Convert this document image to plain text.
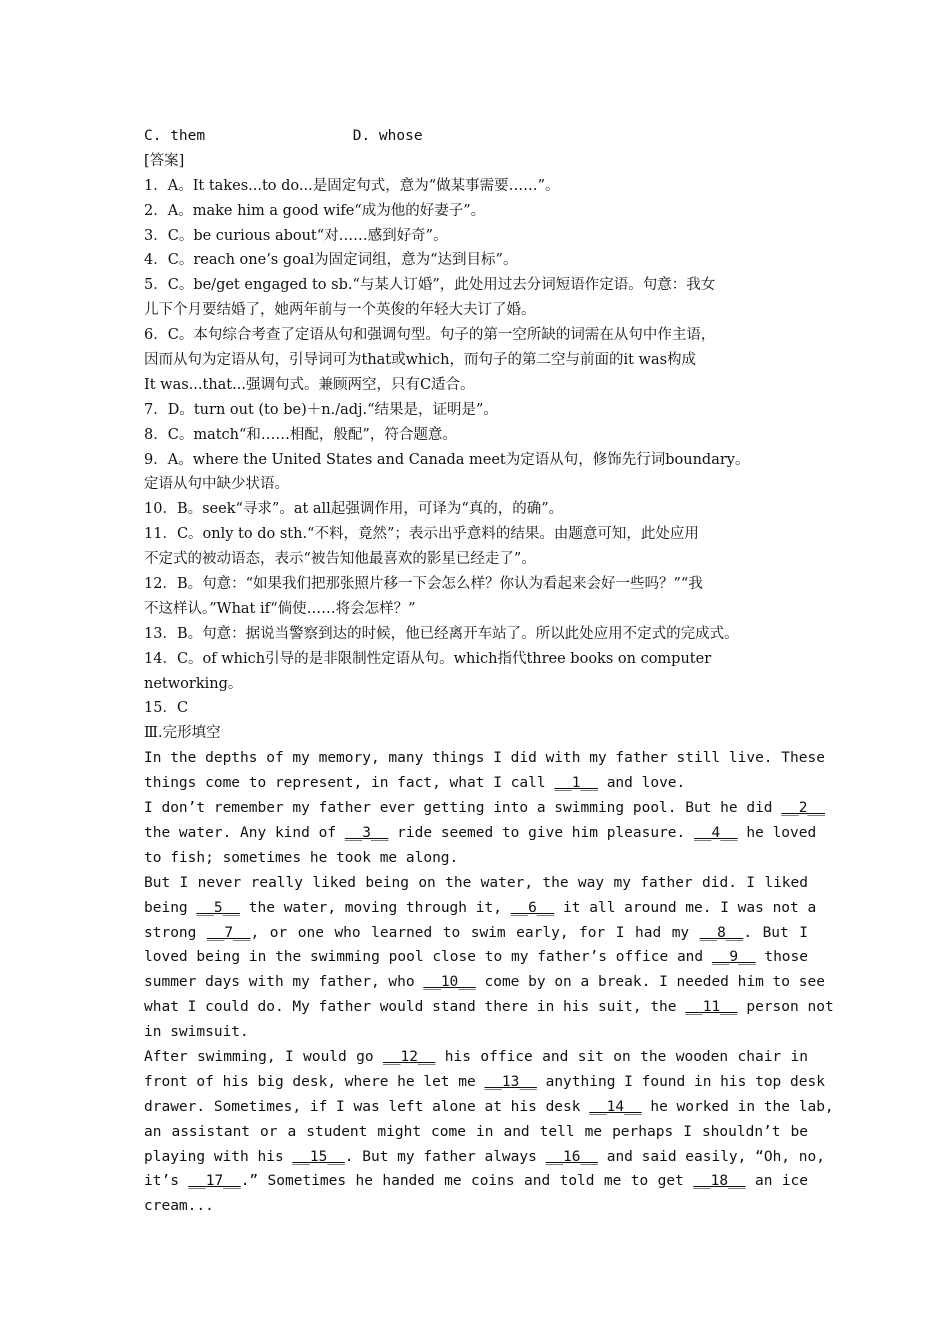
C. them	D. whose
[答案]
1．A。It takes...to do...是固定句式，意为“做某事需要……”。
2．A。make him a good wife“成为他的好妻子”。
3．C。be curious about“对……感到好奇”。
4．C。reach one’s goal为固定词组，意为“达到目标”。
5．C。be/get engaged to sb.“与某人订婚”，此处用过去分词短语作定语。句意：我女
儿下个月要结婚了，她两年前与一个英俊的年轻大夫订了婚。
6．C。本句综合考查了定语从句和强调句型。句子的第一空所缺的词需在从句中作主语，
因而从句为定语从句，引导词可为that或which，而句子的第二空与前面的it was构成
It was...that...强调句式。兼顾两空，只有C适合。
7．D。turn out (to be)＋n./adj.“结果是，证明是”。
8．C。match“和……相配，般配”，符合题意。
9．A。where the United States and Canada meet为定语从句，修饰先行词boundary。
定语从句中缺少状语。
10．B。seek“寻求”。at all起强调作用，可译为“真的，的确”。
11．C。only to do sth.“不料，竟然”；表示出乎意料的结果。由题意可知，此处应用
不定式的被动语态，表示“被告知他最喜欢的影星已经走了”。
12．B。句意：“如果我们把那张照片移一下会怎么样？你认为看起来会好一些吗？”“我
不这样认。”What if“倘使……将会怎样？”
13．B。句意：据说当警察到达的时候，他已经离开车站了。所以此处应用不定式的完成式。
14．C。of which引导的是非限制性定语从句。which指代three books on computer
networking。
15．C
Ⅲ.完形填空
In the depths of my memory, many things I did with my father still live. These
things come to represent, in fact, what I call __1__ and love.
I don’t remember my father ever getting into a swimming pool. But he did __2__
the water. Any kind of __3__ ride seemed to give him pleasure. __4__ he loved
to fish; sometimes he took me along.
But I never really liked being on the water, the way my father did. I liked
being __5__ the water, moving through it, __6__ it all around me. I was not a
strong __7__, or one who learned to swim early, for I had my __8__. But I
loved being in the swimming pool close to my father’s office and __9__ those
summer days with my father, who __10__ come by on a break. I needed him to see
what I could do. My father would stand there in his suit, the __11__ person not
in swimsuit.
After swimming, I would go __12__ his office and sit on the wooden chair in
front of his big desk, where he let me __13__ anything I found in his top desk
drawer. Sometimes, if I was left alone at his desk __14__ he worked in the lab,
an assistant or a student might come in and tell me perhaps I shouldn’t be
playing with his __15__. But my father always __16__ and said easily, “Oh, no,
it’s __17__.” Sometimes he handed me coins and told me to get __18__ an ice
cream...
